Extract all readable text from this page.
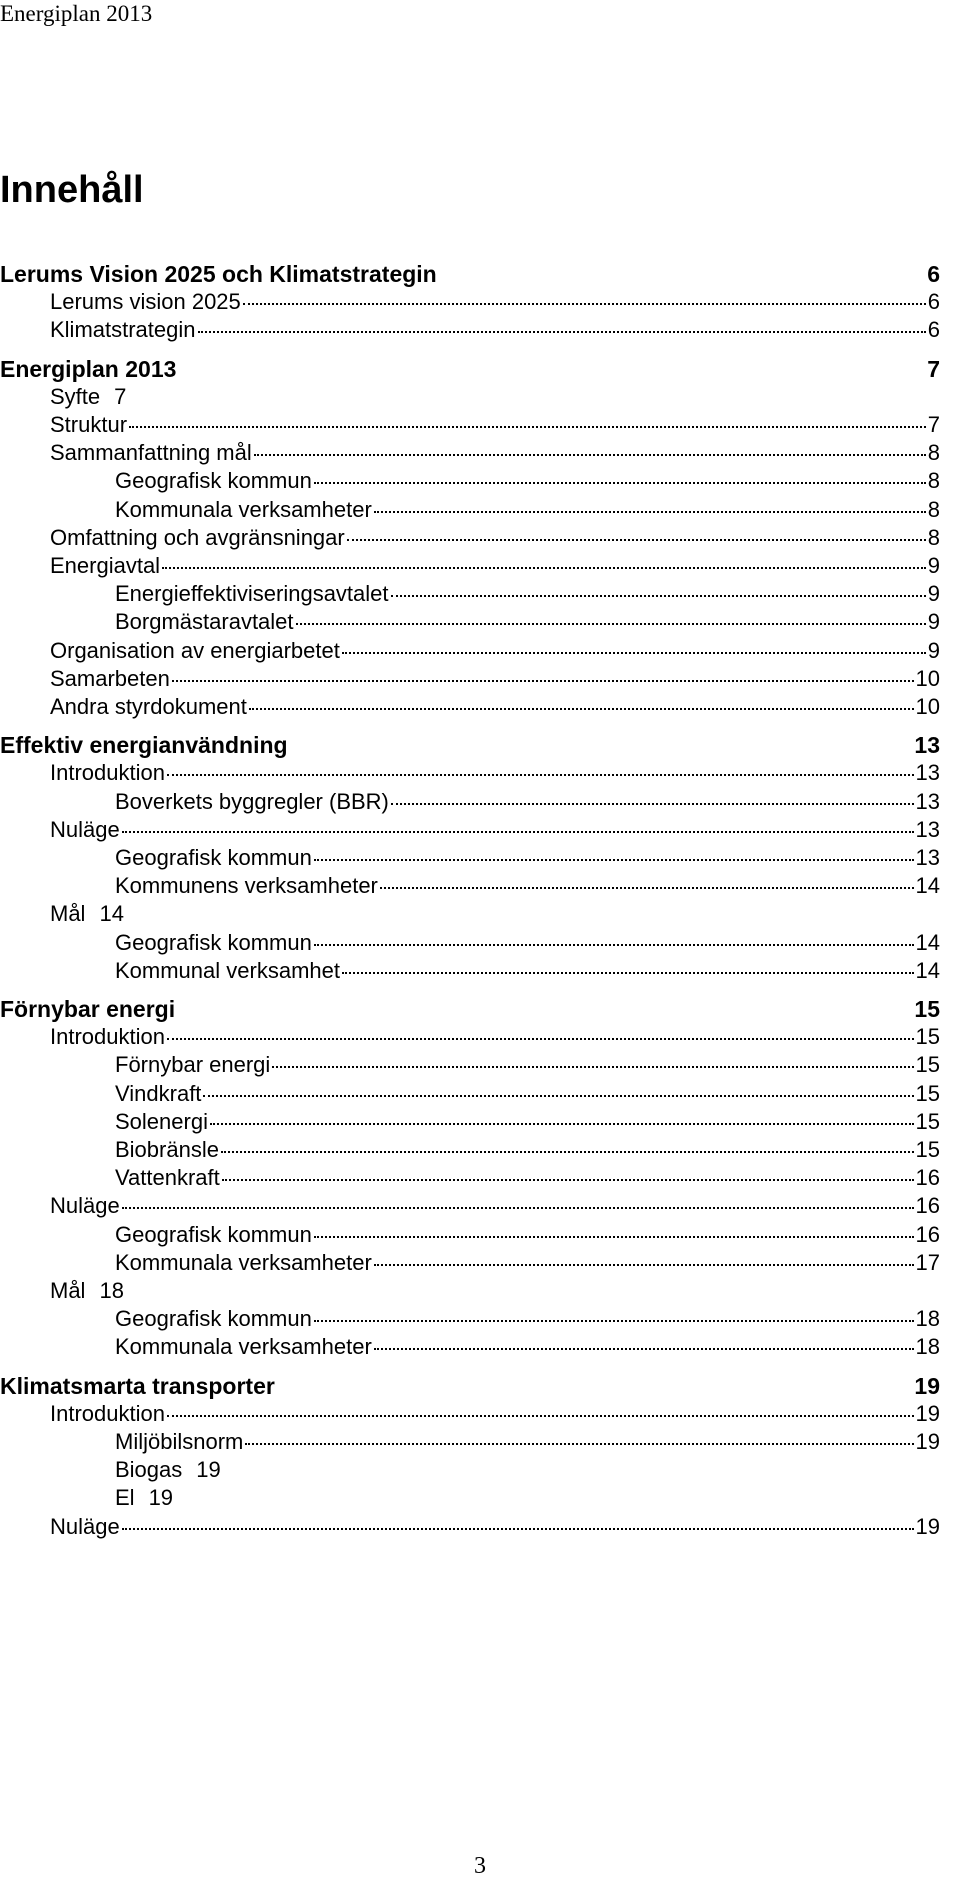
Energiplan 2013
Innehåll
Lerums Vision 2025 och Klimatstrategin	6
Lerums vision 2025	6
Klimatstrategin	6
Energiplan 2013	7
Syfte 7
Struktur	7
Sammanfattning mål	8
Geografisk kommun	8
Kommunala verksamheter	8
Omfattning och avgränsningar	8
Energiavtal	9
Energieffektiviseringsavtalet	9
Borgmästaravtalet	9
Organisation av energiarbetet	9
Samarbeten	10
Andra styrdokument	10
Effektiv energianvändning	13
Introduktion	13
Boverkets byggregler (BBR)	13
Nuläge	13
Geografisk kommun	13
Kommunens verksamheter	14
Mål 14
Geografisk kommun	14
Kommunal verksamhet	14
Förnybar energi	15
Introduktion	15
Förnybar energi	15
Vindkraft	15
Solenergi	15
Biobränsle	15
Vattenkraft	16
Nuläge	16
Geografisk kommun	16
Kommunala verksamheter	17
Mål 18
Geografisk kommun	18
Kommunala verksamheter	18
Klimatsmarta transporter	19
Introduktion	19
Miljöbilsnorm	19
Biogas 19
El 19
Nuläge	19
3
